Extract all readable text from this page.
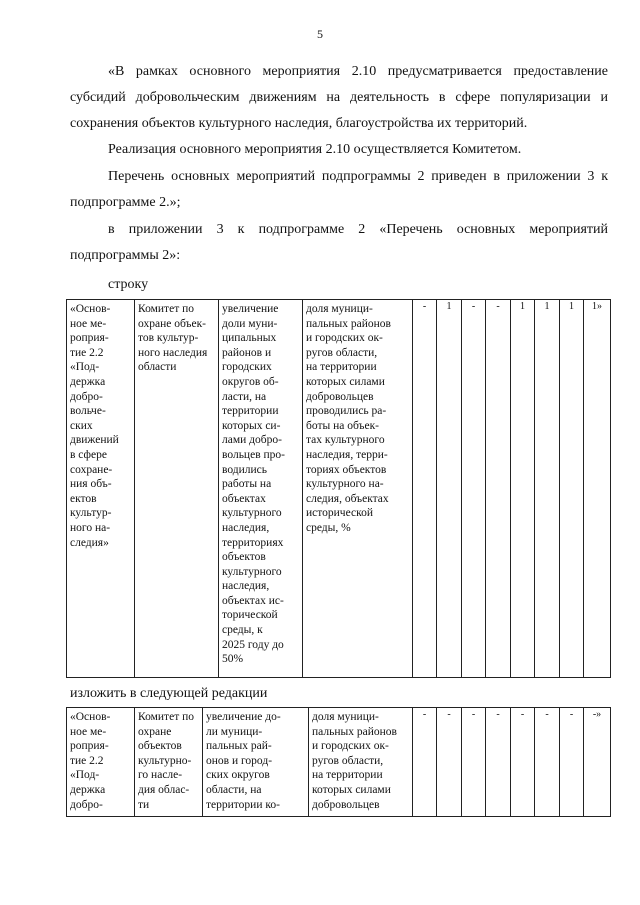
5

«В рамках основного мероприятия 2.10 предусматривается предоставление субсидий добровольческим движениям на деятельность в сфере популяризации и сохранения объектов культурного наследия, благоустройства их территорий.

Реализация основного мероприятия 2.10 осуществляется Комитетом.

Перечень основных мероприятий подпрограммы 2 приведен в приложении 3 к подпрограмме 2.»;

в приложении 3 к подпрограмме 2 «Перечень основных мероприятий подпрограммы 2»:

строку

«Основ-
ное ме-
роприя-
тие 2.2
«Под-
держка
добро-
вольче-
ских
движений
в сфере
сохране-
ния объ-
ектов
культур-
ного на-
следия»

Комитет по
охране объек-
тов культур-
ного наследия
области

увеличение
доли муни-
ципальных
районов и
городских
округов об-
ласти, на
территории
которых си-
лами добро-
вольцев про-
водились
работы на
объектах
культурного
наследия,
территориях
объектов
культурного
наследия,
объектах ис-
торической
среды, к
2025 году до
50%

доля муници-
пальных районов
и городских ок-
ругов области,
на территории
которых силами
добровольцев
проводились ра-
боты на объек-
тах культурного
наследия, терри-
ториях объектов
культурного на-
следия, объектах
исторической
среды, %
	-	1	-	-	1	1	1	1»

изложить в следующей редакции

«Основ-
ное ме-
роприя-
тие 2.2
«Под-
держка
добро-

Комитет по
охране
объектов
культурно-
го насле-
дия облас-
ти

увеличение до-
ли муници-
пальных рай-
онов и город-
ских округов
области, на
территории ко-

доля муници-
пальных районов
и городских ок-
ругов области,
на территории
которых силами
добровольцев
	-	-	-	-	-	-	-	-»
